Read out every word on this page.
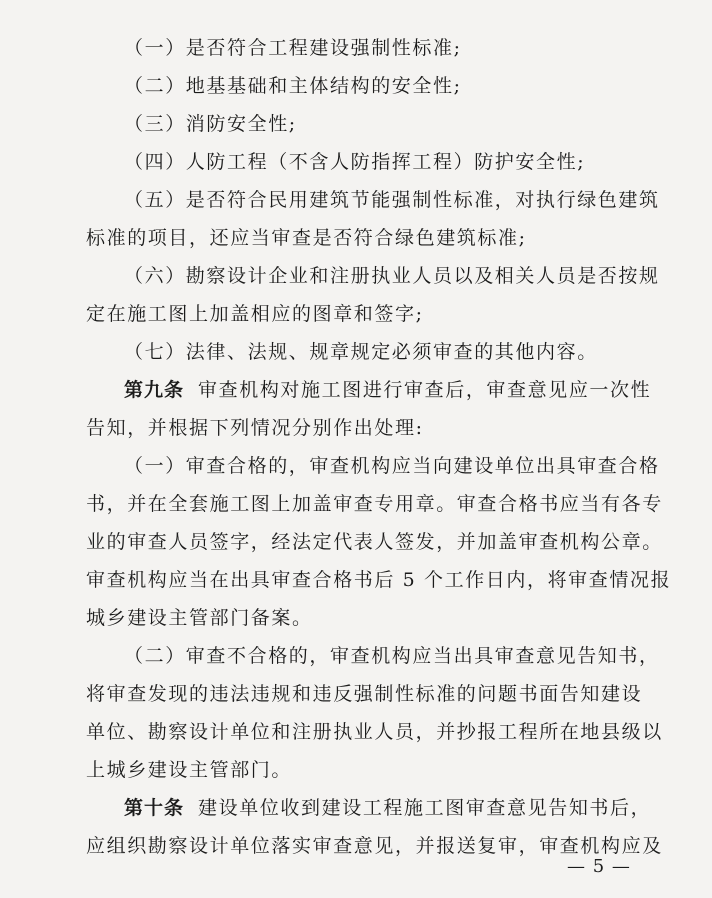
（一）是否符合工程建设强制性标准;
（二）地基基础和主体结构的安全性;
（三）消防安全性;
（四）人防工程（不含人防指挥工程）防护安全性;
（五）是否符合民用建筑节能强制性标准，对执行绿色建筑
标准的项目，还应当审查是否符合绿色建筑标准;
（六）勘察设计企业和注册执业人员以及相关人员是否按规
定在施工图上加盖相应的图章和签字;
（七）法律、法规、规章规定必须审查的其他内容。
第九条 审查机构对施工图进行审查后，审查意见应一次性
告知，并根据下列情况分别作出处理:
（一）审查合格的，审查机构应当向建设单位出具审查合格
书，并在全套施工图上加盖审查专用章。审查合格书应当有各专
业的审查人员签字，经法定代表人签发，并加盖审查机构公章。
审查机构应当在出具审查合格书后 5 个工作日内，将审查情况报
城乡建设主管部门备案。
（二）审查不合格的，审查机构应当出具审查意见告知书，
将审查发现的违法违规和违反强制性标准的问题书面告知建设
单位、勘察设计单位和注册执业人员，并抄报工程所在地县级以
上城乡建设主管部门。
第十条 建设单位收到建设工程施工图审查意见告知书后，
应组织勘察设计单位落实审查意见，并报送复审，审查机构应及
— 5 —
